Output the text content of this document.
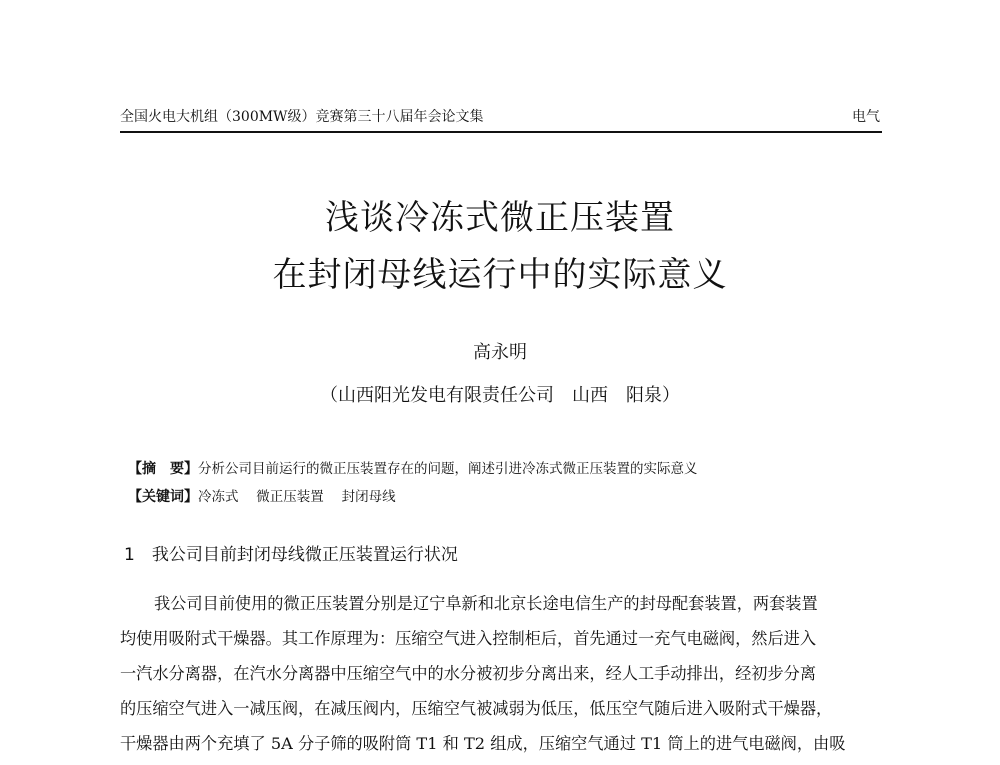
全国火电大机组（300MW级）竞赛第三十八届年会论文集	电气
浅谈冷冻式微正压装置
在封闭母线运行中的实际意义
高永明
（山西阳光发电有限责任公司　山西　阳泉）
【摘　要】分析公司目前运行的微正压装置存在的问题，阐述引进冷冻式微正压装置的实际意义
【关键词】冷冻式　 微正压装置　 封闭母线
1　我公司目前封闭母线微正压装置运行状况
我公司目前使用的微正压装置分别是辽宁阜新和北京长途电信生产的封母配套装置，两套装置
均使用吸附式干燥器。其工作原理为：压缩空气进入控制柜后，首先通过一充气电磁阀，然后进入
一汽水分离器，在汽水分离器中压缩空气中的水分被初步分离出来，经人工手动排出，经初步分离
的压缩空气进入一减压阀，在减压阀内，压缩空气被减弱为低压，低压空气随后进入吸附式干燥器，
干燥器由两个充填了 5A 分子筛的吸附筒 T1 和 T2 组成，压缩空气通过 T1 筒上的进气电磁阀，由吸
